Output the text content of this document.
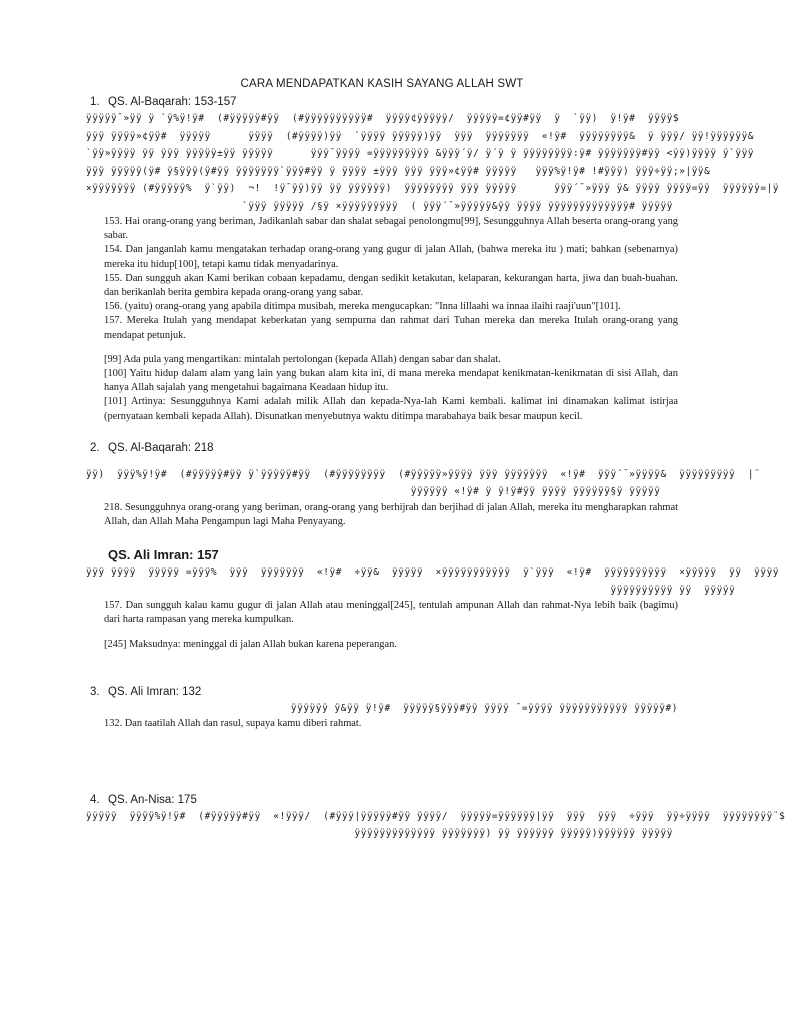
CARA MENDAPATKAN KASIH SAYANG ALLAH SWT
1. QS. Al-Baqarah: 153-157
ÿÿÿÿÿ¯»ÿÿ ÿ `ÿ%ÿ!ÿ#  (#ÿÿÿÿÿ#ÿÿ  (#ÿÿÿÿÿÿÿÿÿÿ#  ÿÿÿÿ¢ÿÿÿÿÿ/  ÿÿÿÿÿ=¢ÿÿ#ÿÿ  ÿ  `ÿÿ)  ÿ!ÿ#  ÿÿÿÿ$
ÿÿÿ ÿÿÿÿ»¢ÿÿ#  ÿÿÿÿÿ      ÿÿÿÿ  (#ÿÿÿÿ)ÿÿ  `ÿÿÿÿ ÿÿÿÿÿ)ÿÿ  ÿÿÿ  ÿÿÿÿÿÿÿ  «!ÿ#  ÿÿÿÿÿÿÿÿ&  ÿ ÿÿÿ/ ÿÿ!ÿÿÿÿÿÿ&
`ÿÿ»ÿÿÿÿ ÿÿ ÿÿÿ ÿÿÿÿÿ±ÿÿ ÿÿÿÿÿ      ÿÿÿ¯ÿÿÿÿ =ÿÿÿÿÿÿÿÿÿ &ÿÿÿ´ÿ/ ÿ´ÿ ÿ ÿÿÿÿÿÿÿÿ:ÿ# ÿÿÿÿÿÿÿ#ÿÿ <ÿÿ)ÿÿÿÿ ÿ`ÿÿÿ
ÿÿÿ ÿÿÿÿÿ(ÿ# ÿ§ÿÿÿ(ÿ#ÿÿ ÿÿÿÿÿÿÿ`ÿÿÿ#ÿÿ ÿ ÿÿÿÿ ±ÿÿÿ ÿÿÿ ÿÿÿ»¢ÿÿ# ÿÿÿÿÿ   ÿÿÿ%ÿ!ÿ# !#ÿÿÿ) ÿÿÿ÷ÿÿ;»|ÿÿ&
×ÿÿÿÿÿÿÿ (#ÿÿÿÿÿ%  ÿ`ÿÿ)  ¬!  !ÿ¯ÿÿ)ÿÿ ÿÿ ÿÿÿÿÿÿ)  ÿÿÿÿÿÿÿÿ ÿÿÿ ÿÿÿÿÿ      ÿÿÿ´¯»ÿÿÿ ÿ& ÿÿÿÿ ÿÿÿÿ=ÿÿ  ÿÿÿÿÿÿ=|ÿ
`ÿÿÿ ÿÿÿÿÿ /§ÿ ×ÿÿÿÿÿÿÿÿÿ  ( ÿÿÿ´¯»ÿÿÿÿÿ&ÿÿ ÿÿÿÿ ÿÿÿÿÿÿÿÿÿÿÿÿÿ# ÿÿÿÿÿ

153. Hai orang-orang yang beriman, Jadikanlah sabar dan shalat sebagai penolongmu[99], Sesungguhnya Allah beserta orang-orang yang sabar.

154. Dan janganlah kamu mengatakan terhadap orang-orang yang gugur di jalan Allah, (bahwa mereka itu ) mati; bahkan (sebenarnya) mereka itu hidup[100], tetapi kamu tidak menyadarinya.

155. Dan sungguh akan Kami berikan cobaan kepadamu, dengan sedikit ketakutan, kelaparan, kekurangan harta, jiwa dan buah-buahan. dan berikanlah berita gembira kepada orang-orang yang sabar.

156. (yaitu) orang-orang yang apabila ditimpa musibah, mereka mengucapkan: "Inna lillaahi wa innaa ilaihi raaji'uun"[101].

157. Mereka Itulah yang mendapat keberkatan yang sempurna dan rahmat dari Tuhan mereka dan mereka Itulah orang-orang yang mendapat petunjuk.

[99] Ada pula yang mengartikan: mintalah pertolongan (kepada Allah) dengan sabar dan shalat.

[100] Yaitu hidup dalam alam yang lain yang bukan alam kita ini, di mana mereka mendapat kenikmatan-kenikmatan di sisi Allah, dan hanya Allah sajalah yang mengetahui bagaimana Keadaan hidup itu.

[101] Artinya: Sesungguhnya Kami adalah milik Allah dan kepada-Nya-lah Kami kembali. kalimat ini dinamakan kalimat istirjaa (pernyataan kembali kepada Allah). Disunatkan menyebutnya waktu ditimpa marabahaya baik besar maupun kecil.

2. QS. Al-Baqarah: 218
ÿÿ)  ÿÿÿ%ÿ!ÿ#  (#ÿÿÿÿÿ#ÿÿ ÿ`ÿÿÿÿÿ#ÿÿ  (#ÿÿÿÿÿÿÿÿ  (#ÿÿÿÿÿ»ÿÿÿÿ ÿÿÿ ÿÿÿÿÿÿÿ  «!ÿ#  ÿÿÿ´¯»ÿÿÿÿ&  ÿÿÿÿÿÿÿÿÿ  |¨
ÿÿÿÿÿÿ «!ÿ# ÿ ÿ!ÿ#ÿÿ ÿÿÿÿ ÿÿÿÿÿÿ§ÿ ÿÿÿÿÿ

218. Sesungguhnya orang-orang yang beriman, orang-orang yang berhijrah dan berjihad di jalan Allah, mereka itu mengharapkan rahmat Allah, dan Allah Maha Pengampun lagi Maha Penyayang.

QS. Ali Imran: 157
ÿÿÿ ÿÿÿÿ  ÿÿÿÿÿ =ÿÿÿ%  ÿÿÿ  ÿÿÿÿÿÿÿ  «!ÿ#  ÷ÿÿ&  ÿÿÿÿÿ  ×ÿÿÿÿÿÿÿÿÿÿÿ  ÿ`ÿÿÿ  «!ÿ#  ÿÿÿÿÿÿÿÿÿÿ  ×ÿÿÿÿÿ  ÿÿ  ÿÿÿÿ
ÿÿÿÿÿÿÿÿÿÿ ÿÿ  ÿÿÿÿÿ

157. Dan sungguh kalau kamu gugur di jalan Allah atau meninggal[245], tentulah ampunan Allah dan rahmat-Nya lebih baik (bagimu) dari harta rampasan yang mereka kumpulkan.

[245] Maksudnya: meninggal di jalan Allah bukan karena peperangan.

3. QS. Ali Imran: 132
ÿÿÿÿÿÿ ÿ&ÿÿ ÿ!ÿ#  ÿÿÿÿÿ§ÿÿÿ#ÿÿ ÿÿÿÿ ¯=ÿÿÿÿ ÿÿÿÿÿÿÿÿÿÿÿ ÿÿÿÿÿ#)

132. Dan taatilah Allah dan rasul, supaya kamu diberi rahmat.

4. QS. An-Nisa: 175
ÿÿÿÿÿ  ÿÿÿÿ%ÿ!ÿ#  (#ÿÿÿÿÿ#ÿÿ  «!ÿÿÿ/  (#ÿÿÿ|ÿÿÿÿÿ#ÿÿ ÿÿÿÿ/  ÿÿÿÿÿ=ÿÿÿÿÿÿ|ÿÿ  ÿÿÿ  ÿÿÿ  ÷ÿÿÿ  ÿÿ÷ÿÿÿÿ  ÿÿÿÿÿÿÿÿ¨$
ÿÿÿÿÿÿÿÿÿÿÿÿÿ ÿÿÿÿÿÿÿ) ÿÿ ÿÿÿÿÿÿ ÿÿÿÿÿ)ÿÿÿÿÿÿ ÿÿÿÿÿ
